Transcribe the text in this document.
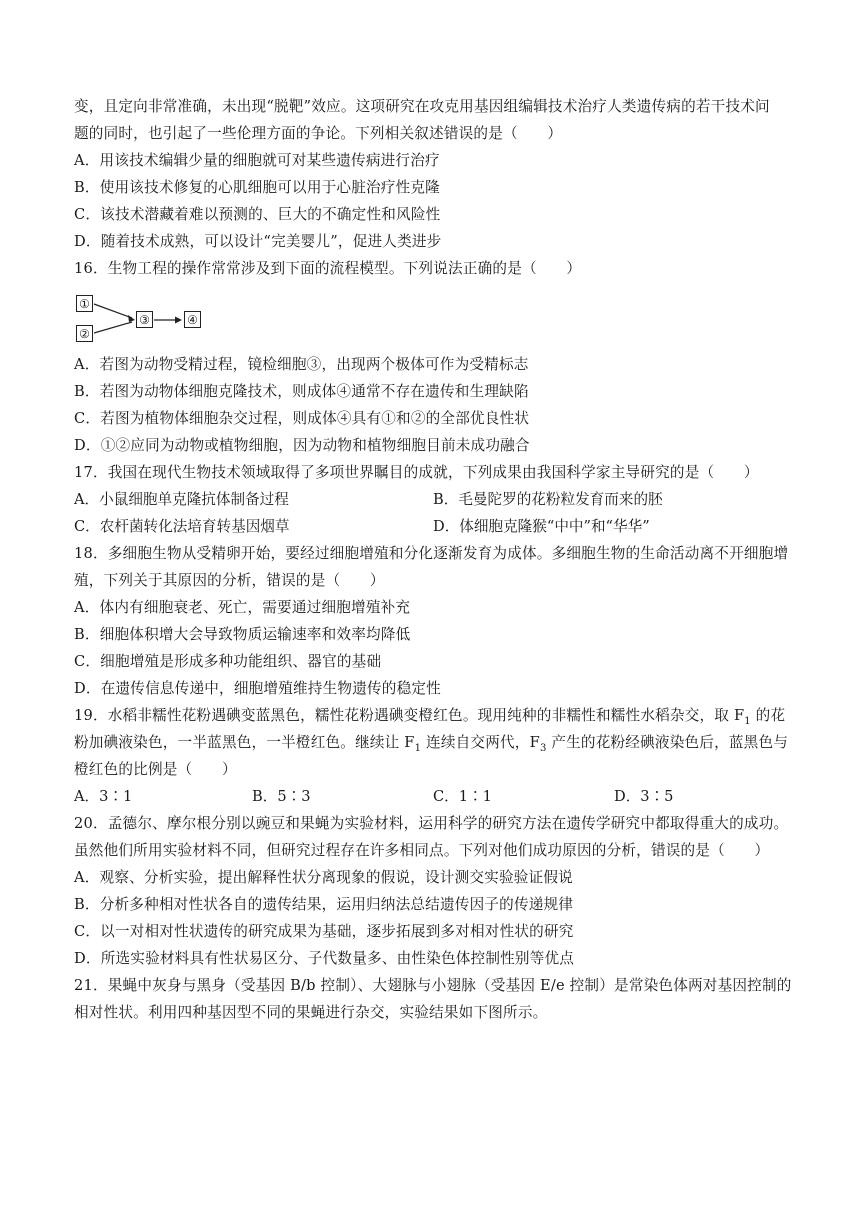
变，且定向非常准确，未出现“脱靶”效应。这项研究在攻克用基因组编辑技术治疗人类遗传病的若干技术问
题的同时，也引起了一些伦理方面的争论。下列相关叙述错误的是（　　）
A．用该技术编辑少量的细胞就可对某些遗传病进行治疗
B．使用该技术修复的心肌细胞可以用于心脏治疗性克隆
C．该技术潜藏着难以预测的、巨大的不确定性和风险性
D．随着技术成熟，可以设计“完美婴儿”，促进人类进步
16．生物工程的操作常常涉及到下面的流程模型。下列说法正确的是（　　）
①
②
③	④
A．若图为动物受精过程，镜检细胞③，出现两个极体可作为受精标志
B．若图为动物体细胞克隆技术，则成体④通常不存在遗传和生理缺陷
C．若图为植物体细胞杂交过程，则成体④具有①和②的全部优良性状
D．①②应同为动物或植物细胞，因为动物和植物细胞目前未成功融合
17．我国在现代生物技术领域取得了多项世界瞩目的成就，下列成果由我国科学家主导研究的是（　　）
A．小鼠细胞单克隆抗体制备过程	B．毛曼陀罗的花粉粒发育而来的胚
C．农杆菌转化法培育转基因烟草	D．体细胞克隆猴“中中”和“华华”
18．多细胞生物从受精卵开始，要经过细胞增殖和分化逐渐发育为成体。多细胞生物的生命活动离不开细胞增
殖，下列关于其原因的分析，错误的是（　　）
A．体内有细胞衰老、死亡，需要通过细胞增殖补充
B．细胞体积增大会导致物质运输速率和效率均降低
C．细胞增殖是形成多种功能组织、器官的基础
D．在遗传信息传递中，细胞增殖维持生物遗传的稳定性
19．水稻非糯性花粉遇碘变蓝黑色，糯性花粉遇碘变橙红色。现用纯种的非糯性和糯性水稻杂交，取 $F_1$ 的花
粉加碘液染色，一半蓝黑色，一半橙红色。继续让 $F_1$ 连续自交两代，$F_3$ 产生的花粉经碘液染色后，蓝黑色与
橙红色的比例是（　　）
A．3∶1	B．5∶3	C．1∶1	D．3∶5
20．孟德尔、摩尔根分别以豌豆和果蝇为实验材料，运用科学的研究方法在遗传学研究中都取得重大的成功。
虽然他们所用实验材料不同，但研究过程存在许多相同点。下列对他们成功原因的分析，错误的是（　　）
A．观察、分析实验，提出解释性状分离现象的假说，设计测交实验验证假说
B．分析多种相对性状各自的遗传结果，运用归纳法总结遗传因子的传递规律
C．以一对相对性状遗传的研究成果为基础，逐步拓展到多对相对性状的研究
D．所选实验材料具有性状易区分、子代数量多、由性染色体控制性别等优点
21．果蝇中灰身与黑身（受基因 B/b 控制）、大翅脉与小翅脉（受基因 E/e 控制）是常染色体两对基因控制的
相对性状。利用四种基因型不同的果蝇进行杂交，实验结果如下图所示。
